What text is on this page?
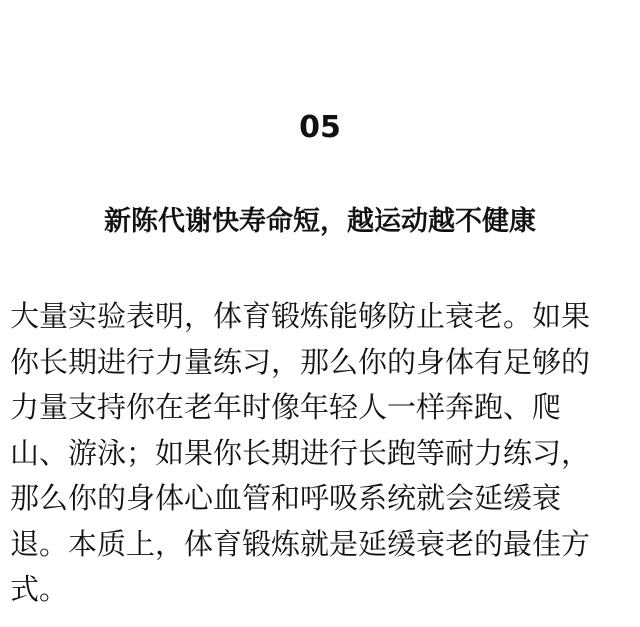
05
新陈代谢快寿命短，越运动越不健康

大量实验表明，体育锻炼能够防止衰老。如果
你长期进行力量练习，那么你的身体有足够的
力量支持你在老年时像年轻人一样奔跑、爬
山、游泳；如果你长期进行长跑等耐力练习，
那么你的身体心血管和呼吸系统就会延缓衰
退。本质上，体育锻炼就是延缓衰老的最佳方
式。
